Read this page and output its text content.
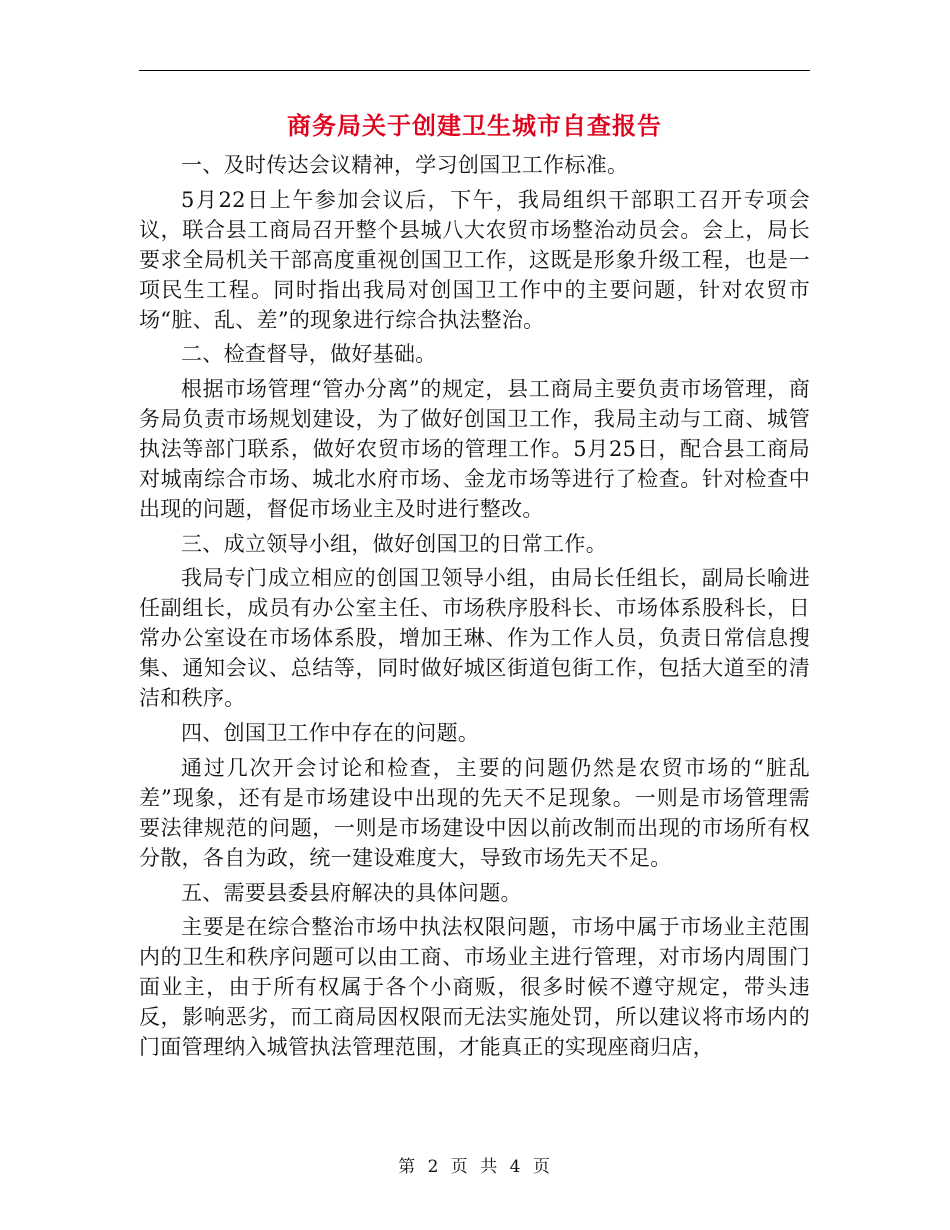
商务局关于创建卫生城市自查报告

一、及时传达会议精神，学习创国卫工作标准。

5月22日上午参加会议后，下午，我局组织干部职工召开专项会议，联合县工商局召开整个县城八大农贸市场整治动员会。会上，局长要求全局机关干部高度重视创国卫工作，这既是形象升级工程，也是一项民生工程。同时指出我局对创国卫工作中的主要问题，针对农贸市场“脏、乱、差”的现象进行综合执法整治。

二、检查督导，做好基础。

根据市场管理“管办分离”的规定，县工商局主要负责市场管理，商务局负责市场规划建设，为了做好创国卫工作，我局主动与工商、城管执法等部门联系，做好农贸市场的管理工作。5月25日，配合县工商局对城南综合市场、城北水府市场、金龙市场等进行了检查。针对检查中出现的问题，督促市场业主及时进行整改。

三、成立领导小组，做好创国卫的日常工作。

我局专门成立相应的创国卫领导小组，由局长任组长，副局长喻进任副组长，成员有办公室主任、市场秩序股科长、市场体系股科长，日常办公室设在市场体系股，增加王琳、作为工作人员，负责日常信息搜集、通知会议、总结等，同时做好城区街道包街工作，包括大道至的清洁和秩序。

四、创国卫工作中存在的问题。

通过几次开会讨论和检查，主要的问题仍然是农贸市场的“脏乱差”现象，还有是市场建设中出现的先天不足现象。一则是市场管理需要法律规范的问题，一则是市场建设中因以前改制而出现的市场所有权分散，各自为政，统一建设难度大，导致市场先天不足。

五、需要县委县府解决的具体问题。

主要是在综合整治市场中执法权限问题，市场中属于市场业主范围内的卫生和秩序问题可以由工商、市场业主进行管理，对市场内周围门面业主，由于所有权属于各个小商贩，很多时候不遵守规定，带头违反，影响恶劣，而工商局因权限而无法实施处罚，所以建议将市场内的门面管理纳入城管执法管理范围，才能真正的实现座商归店，

第 2 页 共 4 页
